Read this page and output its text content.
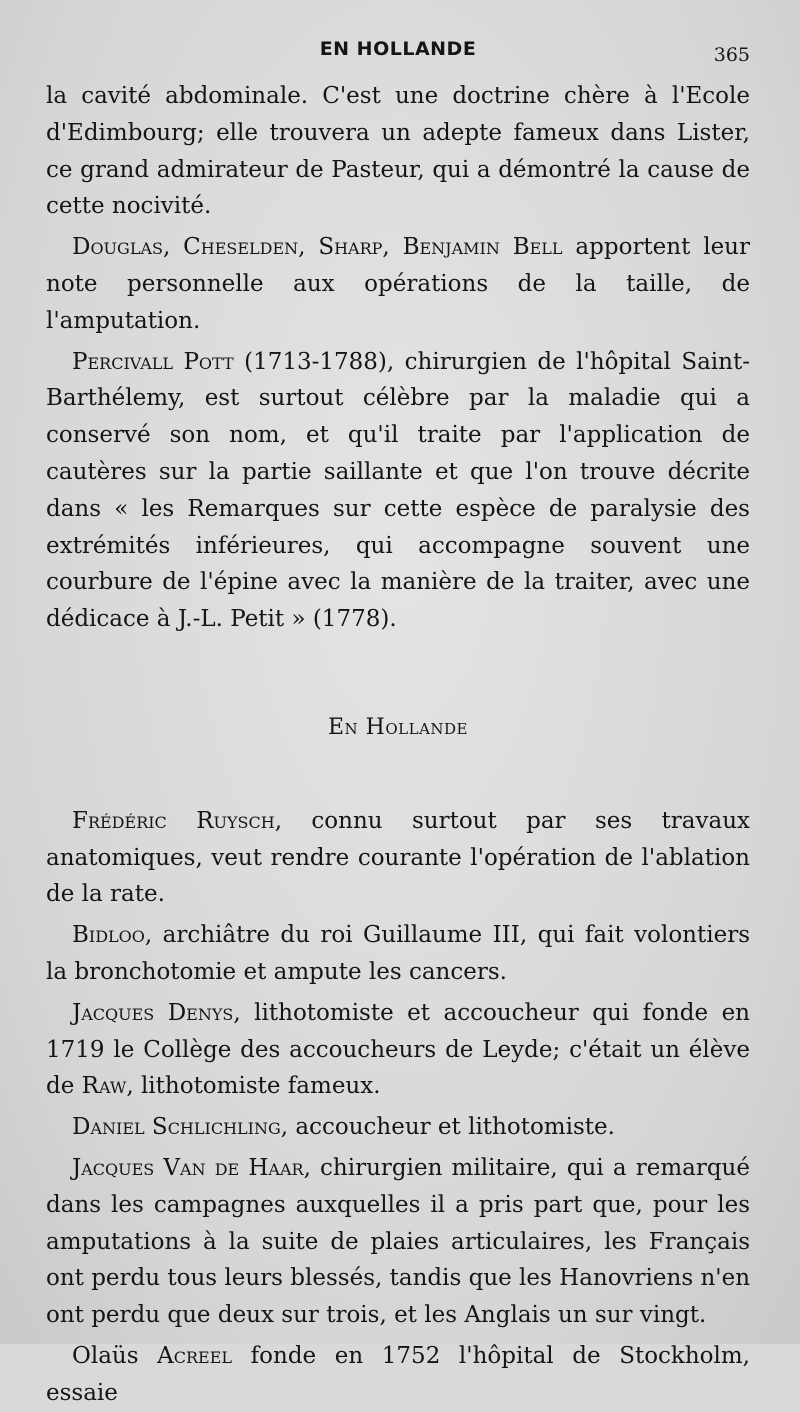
EN HOLLANDE	365

la cavité abdominale. C'est une doctrine chère à l'Ecole d'Edimbourg; elle trouvera un adepte fameux dans Lister, ce grand admirateur de Pasteur, qui a démontré la cause de cette nocivité.

Douglas, Cheselden, Sharp, Benjamin Bell apportent leur note personnelle aux opérations de la taille, de l'amputation.

Percivall Pott (1713-1788), chirurgien de l'hôpital Saint-Barthélemy, est surtout célèbre par la maladie qui a conservé son nom, et qu'il traite par l'application de cautères sur la partie saillante et que l'on trouve décrite dans « les Remarques sur cette espèce de paralysie des extrémités inférieures, qui accompagne souvent une courbure de l'épine avec la manière de la traiter, avec une dédicace à J.-L. Petit » (1778).

En Hollande

Frédéric Ruysch, connu surtout par ses travaux anatomiques, veut rendre courante l'opération de l'ablation de la rate.

Bidloo, archiâtre du roi Guillaume III, qui fait volontiers la bronchotomie et ampute les cancers.

Jacques Denys, lithotomiste et accoucheur qui fonde en 1719 le Collège des accoucheurs de Leyde; c'était un élève de Raw, lithotomiste fameux.

Daniel Schlichling, accoucheur et lithotomiste.

Jacques Van de Haar, chirurgien militaire, qui a remarqué dans les campagnes auxquelles il a pris part que, pour les amputations à la suite de plaies articulaires, les Français ont perdu tous leurs blessés, tandis que les Hanovriens n'en ont perdu que deux sur trois, et les Anglais un sur vingt.

Olaüs Acreel fonde en 1752 l'hôpital de Stockholm, essaie
